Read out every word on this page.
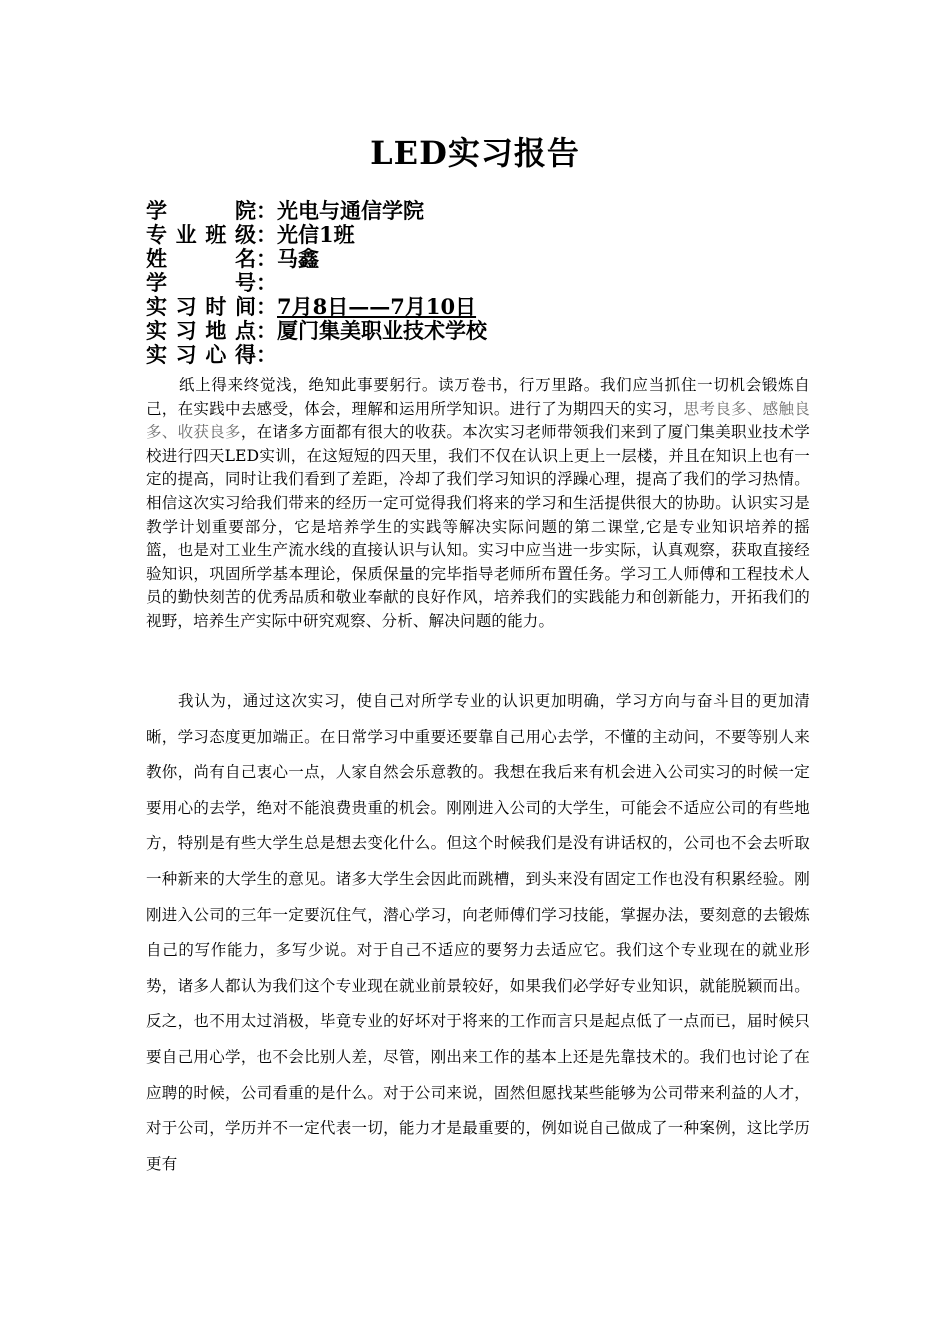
LED实习报告
学院：光电与通信学院
专业班级：光信1班
姓名：马鑫
学号：
实习时间：7月8日——7月10日
实习地点：厦门集美职业技术学校
实习心得：
纸上得来终觉浅，绝知此事要躬行。读万卷书，行万里路。我们应当抓住一切机会锻炼自己，在实践中去感受，体会，理解和运用所学知识。进行了为期四天的实习，思考良多、感触良多、收获良多，在诸多方面都有很大的收获。本次实习老师带领我们来到了厦门集美职业技术学校进行四天LED实训，在这短短的四天里，我们不仅在认识上更上一层楼，并且在知识上也有一定的提高，同时让我们看到了差距，冷却了我们学习知识的浮躁心理，提高了我们的学习热情。相信这次实习给我们带来的经历一定可觉得我们将来的学习和生活提供很大的协助。认识实习是教学计划重要部分，它是培养学生的实践等解决实际问题的第二课堂,它是专业知识培养的摇篮，也是对工业生产流水线的直接认识与认知。实习中应当进一步实际，认真观察，获取直接经验知识，巩固所学基本理论，保质保量的完毕指导老师所布置任务。学习工人师傅和工程技术人员的勤快刻苦的优秀品质和敬业奉献的良好作风，培养我们的实践能力和创新能力，开拓我们的视野，培养生产实际中研究观察、分析、解决问题的能力。
我认为，通过这次实习，使自己对所学专业的认识更加明确，学习方向与奋斗目的更加清晰，学习态度更加端正。在日常学习中重要还要靠自己用心去学，不懂的主动问，不要等别人来教你，尚有自己衷心一点，人家自然会乐意教的。我想在我后来有机会进入公司实习的时候一定要用心的去学，绝对不能浪费贵重的机会。刚刚进入公司的大学生，可能会不适应公司的有些地方，特别是有些大学生总是想去变化什么。但这个时候我们是没有讲话权的，公司也不会去听取一种新来的大学生的意见。诸多大学生会因此而跳槽，到头来没有固定工作也没有积累经验。刚刚进入公司的三年一定要沉住气，潜心学习，向老师傅们学习技能，掌握办法，要刻意的去锻炼自己的写作能力，多写少说。对于自己不适应的要努力去适应它。我们这个专业现在的就业形势，诸多人都认为我们这个专业现在就业前景较好，如果我们必学好专业知识，就能脱颖而出。反之，也不用太过消极，毕竟专业的好坏对于将来的工作而言只是起点低了一点而已，届时候只要自己用心学，也不会比别人差，尽管，刚出来工作的基本上还是先靠技术的。我们也讨论了在应聘的时候，公司看重的是什么。对于公司来说，固然但愿找某些能够为公司带来利益的人才，对于公司，学历并不一定代表一切，能力才是最重要的，例如说自己做成了一种案例，这比学历更有
